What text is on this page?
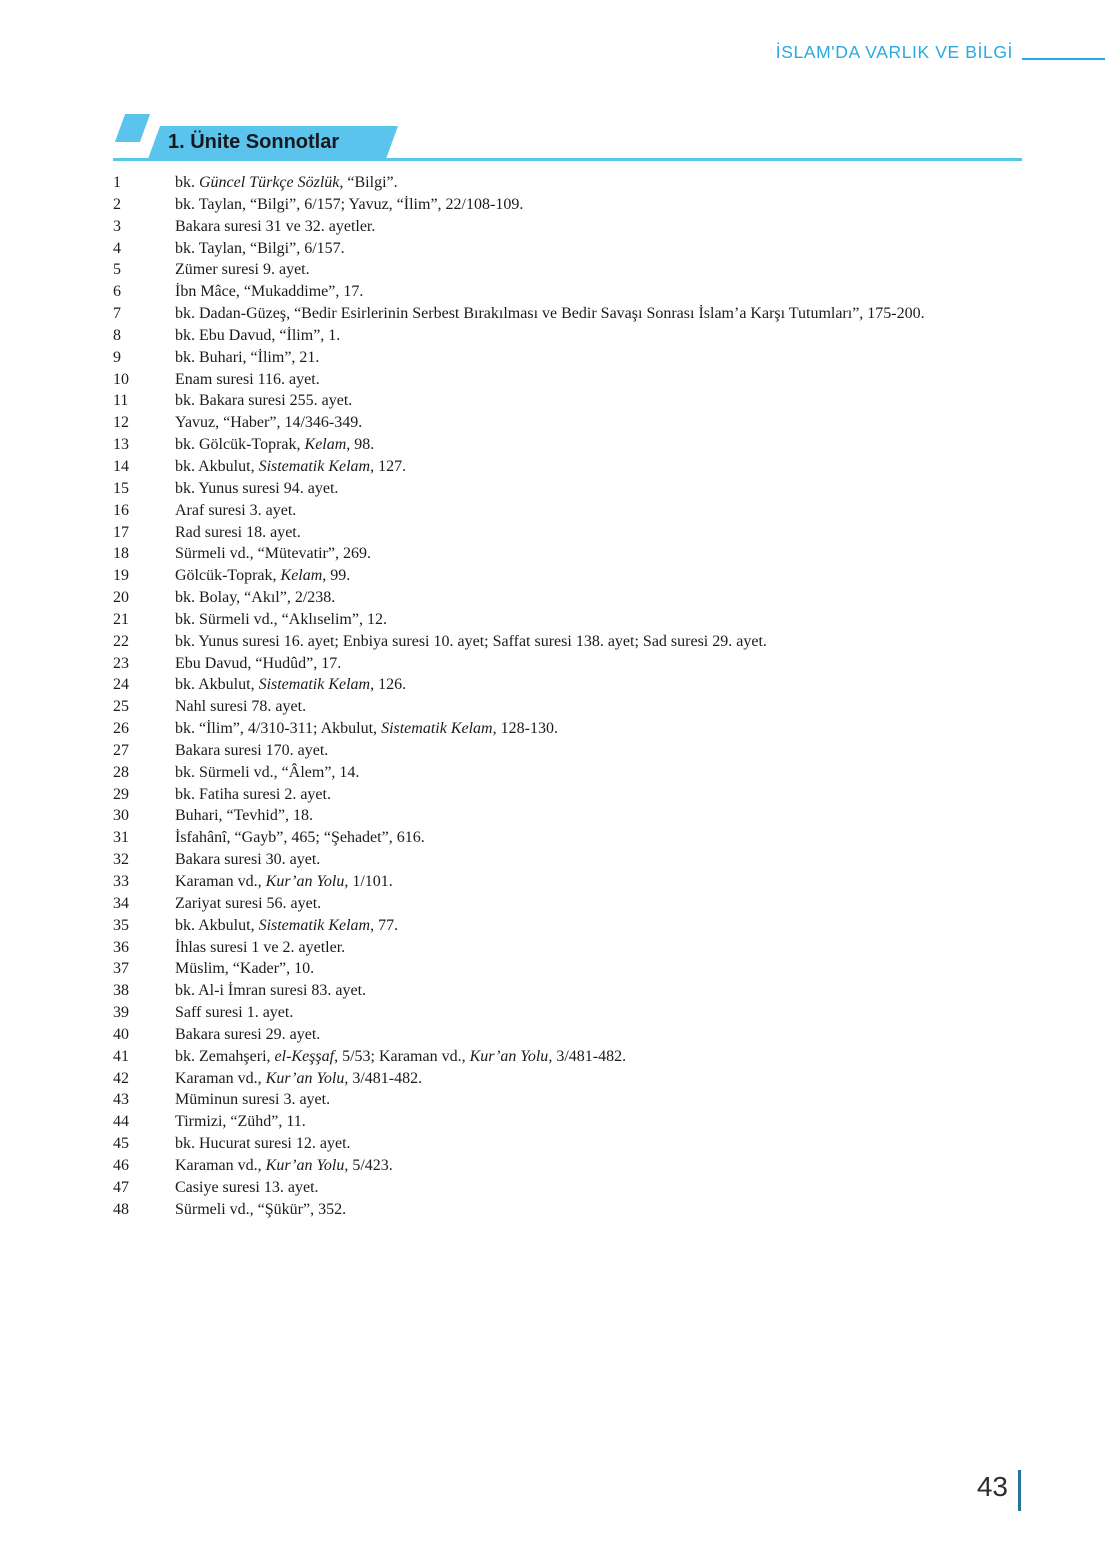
İSLAM'DA VARLIK VE BİLGİ
1. Ünite Sonnotlar
1	bk. Güncel Türkçe Sözlük, “Bilgi”.
2	bk. Taylan, “Bilgi”, 6/157; Yavuz, “İlim”, 22/108-109.
3	Bakara suresi 31 ve 32. ayetler.
4	bk. Taylan, “Bilgi”, 6/157.
5	Zümer suresi 9. ayet.
6	İbn Mâce, “Mukaddime”, 17.
7	bk. Dadan-Güzeş, “Bedir Esirlerinin Serbest Bırakılması ve Bedir Savaşı Sonrası İslam’a Karşı Tutumları”, 175-200.
8	bk. Ebu Davud, “İlim”, 1.
9	bk. Buhari, “İlim”, 21.
10	Enam suresi 116. ayet.
11	bk. Bakara suresi 255. ayet.
12	Yavuz, “Haber”, 14/346-349.
13	bk. Gölcük-Toprak, Kelam, 98.
14	bk. Akbulut, Sistematik Kelam, 127.
15	bk. Yunus suresi 94. ayet.
16	Araf suresi 3. ayet.
17	Rad suresi 18. ayet.
18	Sürmeli vd., “Mütevatir”, 269.
19	Gölcük-Toprak, Kelam, 99.
20	bk. Bolay, “Akıl”, 2/238.
21	bk. Sürmeli vd., “Aklıselim”, 12.
22	bk. Yunus suresi 16. ayet; Enbiya suresi 10. ayet; Saffat suresi 138. ayet; Sad suresi 29. ayet.
23	Ebu Davud, “Hudûd”, 17.
24	bk. Akbulut, Sistematik Kelam, 126.
25	Nahl suresi 78. ayet.
26	bk. “İlim”, 4/310-311; Akbulut, Sistematik Kelam, 128-130.
27	Bakara suresi 170. ayet.
28	bk. Sürmeli vd., “Âlem”, 14.
29	bk. Fatiha suresi 2. ayet.
30	Buhari, “Tevhid”, 18.
31	İsfahânî, “Gayb”, 465; “Şehadet”, 616.
32	Bakara suresi 30. ayet.
33	Karaman vd., Kur’an Yolu, 1/101.
34	Zariyat suresi 56. ayet.
35	bk. Akbulut, Sistematik Kelam, 77.
36	İhlas suresi 1 ve 2. ayetler.
37	Müslim, “Kader”, 10.
38	bk. Al-i İmran suresi 83. ayet.
39	Saff suresi 1. ayet.
40	Bakara suresi 29. ayet.
41	bk. Zemahşeri, el-Keşşaf, 5/53; Karaman vd., Kur’an Yolu, 3/481-482.
42	Karaman vd., Kur’an Yolu, 3/481-482.
43	Müminun suresi 3. ayet.
44	Tirmizi, “Zühd”, 11.
45	bk. Hucurat suresi 12. ayet.
46	Karaman vd., Kur’an Yolu, 5/423.
47	Casiye suresi 13. ayet.
48	Sürmeli vd., “Şükür”, 352.
43
